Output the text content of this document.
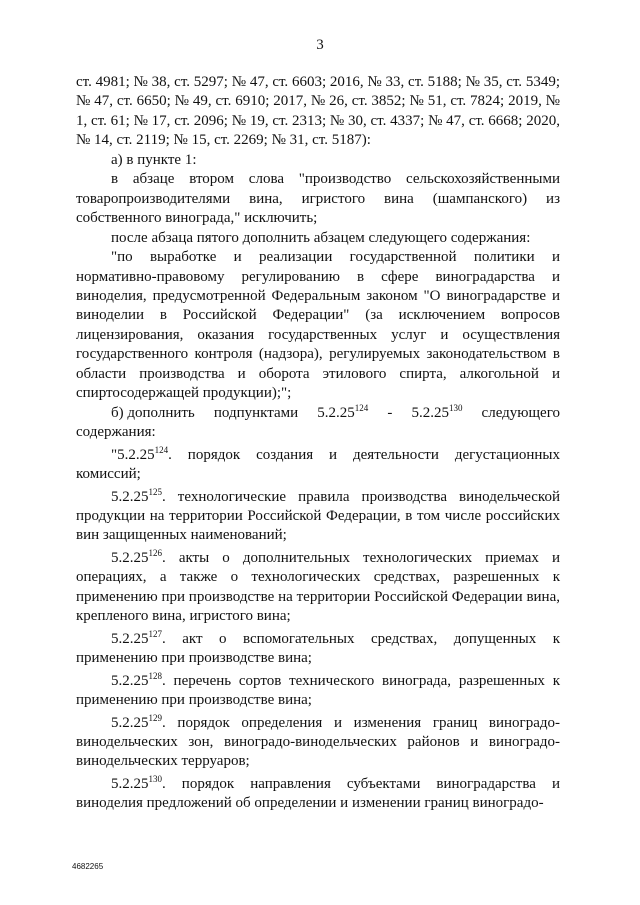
3

ст. 4981; № 38, ст. 5297; № 47, ст. 6603; 2016, № 33, ст. 5188; № 35, ст. 5349; № 47, ст. 6650; № 49, ст. 6910; 2017, № 26, ст. 3852; № 51, ст. 7824; 2019, № 1, ст. 61; № 17, ст. 2096; № 19, ст. 2313; № 30, ст. 4337; № 47, ст. 6668; 2020, № 14, ст. 2119; № 15, ст. 2269; № 31, ст. 5187):

а) в пункте 1:

в абзаце втором слова "производство сельскохозяйственными товаропроизводителями вина, игристого вина (шампанского) из собственного винограда," исключить;

после абзаца пятого дополнить абзацем следующего содержания:

"по выработке и реализации государственной политики и нормативно-правовому регулированию в сфере виноградарства и виноделия, предусмотренной Федеральным законом "О виноградарстве и виноделии в Российской Федерации" (за исключением вопросов лицензирования, оказания государственных услуг и осуществления государственного контроля (надзора), регулируемых законодательством в области производства и оборота этилового спирта, алкогольной и спиртосодержащей продукции);";

б) дополнить подпунктами 5.2.25$^{124}$ - 5.2.25$^{130}$ следующего

содержания:

"5.2.25$^{124}$. порядок создания и деятельности дегустационных комиссий;

5.2.25$^{125}$. технологические правила производства винодельческой продукции на территории Российской Федерации, в том числе российских вин защищенных наименований;

5.2.25$^{126}$. акты о дополнительных технологических приемах и операциях, а также о технологических средствах, разрешенных к применению при производстве на территории Российской Федерации вина, крепленого вина, игристого вина;

5.2.25$^{127}$. акт о вспомогательных средствах, допущенных к применению при производстве вина;

5.2.25$^{128}$. перечень сортов технического винограда, разрешенных к применению при производстве вина;

5.2.25$^{129}$. порядок определения и изменения границ виноградо-винодельческих зон, виноградо-винодельческих районов и виноградо-винодельческих терруаров;

5.2.25$^{130}$. порядок направления субъектами виноградарства и виноделия предложений об определении и изменении границ виноградо-

4682265
